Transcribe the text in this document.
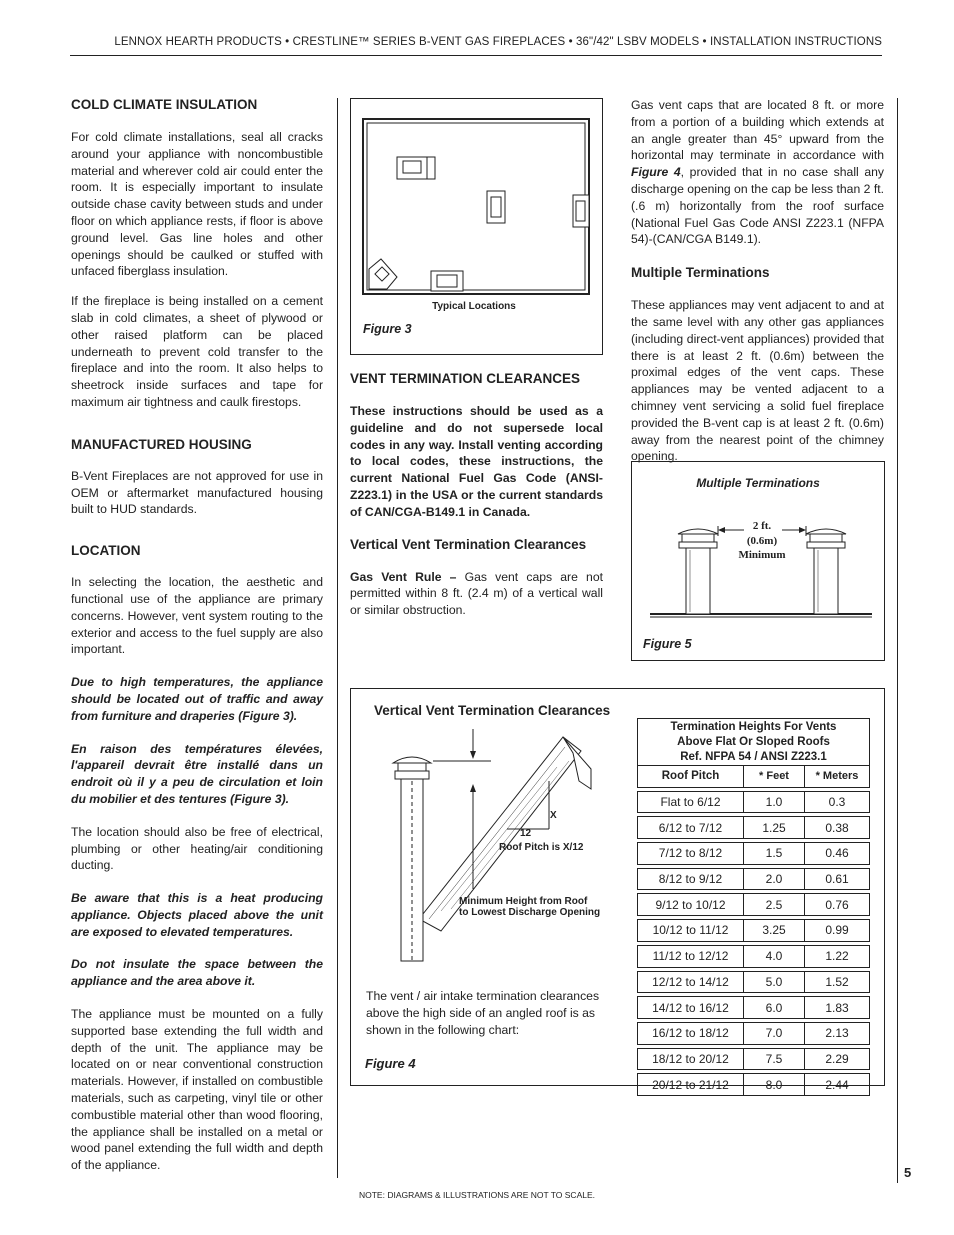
LENNOX HEARTH PRODUCTS • CRESTLINE™ SERIES B-VENT GAS FIREPLACES • 36"/42" LSBV MODELS • INSTALLATION INSTRUCTIONS
COLD CLIMATE INSULATION
For cold climate installations, seal all cracks around your appliance with noncombustible material and wherever cold air could enter the room. It is especially important to insulate outside chase cavity between studs and under floor on which appliance rests, if floor is above ground level. Gas line holes and other openings should be caulked or stuffed with unfaced fiberglass insulation.
If the fireplace is being installed on a cement slab in cold climates, a sheet of plywood or other raised platform can be placed underneath to prevent cold transfer to the fireplace and into the room. It also helps to sheetrock inside surfaces and tape for maximum air tightness and caulk firestops.
MANUFACTURED HOUSING
B-Vent Fireplaces are not approved for use in OEM or aftermarket manufactured housing built to HUD standards.
LOCATION
In selecting the location, the aesthetic and functional use of the appliance are primary concerns. However, vent system routing to the exterior and access to the fuel supply are also important.
Due to high temperatures, the appliance should be located out of traffic and away from furniture and draperies (Figure 3).
En raison des températures élevées, l'appareil devrait être installé dans un endroit où il y a peu de circulation et loin du mobilier et des tentures (Figure 3).
The location should also be free of electrical, plumbing or other heating/air conditioning ducting.
Be aware that this is a heat producing appliance. Objects placed above the unit are exposed to elevated temperatures.
Do not insulate the space between the appliance and the area above it.
The appliance must be mounted on a fully supported base extending the full width and depth of the unit. The appliance may be located on or near conventional construction materials. However, if installed on combustible materials, such as carpeting, vinyl tile or other combustible material other than wood flooring, the appliance shall be installed on a metal or wood panel extending the full width and depth of the appliance.
Typical Locations
Figure 3
VENT TERMINATION CLEARANCES
These instructions should be used as a guideline and do not supersede local codes in any way. Install venting according to local codes, these instructions, the current National Fuel Gas Code (ANSI-Z223.1) in the USA or the current standards of CAN/CGA-B149.1 in Canada.
Vertical Vent Termination Clearances
Gas Vent Rule – Gas vent caps are not permitted within 8 ft. (2.4 m) of a vertical wall or similar obstruction.
Gas vent caps that are located 8 ft. or more from a portion of a building which extends at an angle greater than 45° upward from the horizontal may terminate in accordance with Figure 4, provided that in no case shall any discharge opening on the cap be less than 2 ft. (.6 m) horizontally from the roof surface (National Fuel Gas Code ANSI Z223.1 (NFPA 54)-(CAN/CGA B149.1).
Multiple Terminations
These appliances may vent adjacent to and at the same level with any other gas appliances (including direct-vent appliances) provided that there is at least 2 ft. (0.6m) between the proximal edges of the vent caps. These appliances may be vented adjacent to a chimney vent servicing a solid fuel fireplace provided the B-vent cap is at least 2 ft. (0.6m) away from the nearest point of the chimney opening.
Multiple Terminations
2 ft.
(0.6m)
Minimum
Figure 5
Vertical Vent Termination Clearances
X
12
Roof Pitch is X/12
Minimum Height from Roof
to Lowest Discharge Opening
The vent / air intake termination clearances above the high side of an angled roof is as shown in the following chart:
Figure 4
Termination Heights For Vents
Above Flat Or Sloped Roofs
Ref. NFPA 54 / ANSI Z223.1		

Roof Pitch	* Feet	* Meters

Flat to 6/12	1.0	0.3

6/12 to 7/12	1.25	0.38

7/12 to 8/12	1.5	0.46

8/12 to 9/12	2.0	0.61

9/12 to 10/12	2.5	0.76

10/12 to 11/12	3.25	0.99

11/12 to 12/12	4.0	1.22

12/12 to 14/12	5.0	1.52

14/12 to 16/12	6.0	1.83

16/12 to 18/12	7.0	2.13

18/12 to 20/12	7.5	2.29

20/12 to 21/12	8.0	2.44
5
NOTE: DIAGRAMS & ILLUSTRATIONS ARE NOT TO SCALE.
